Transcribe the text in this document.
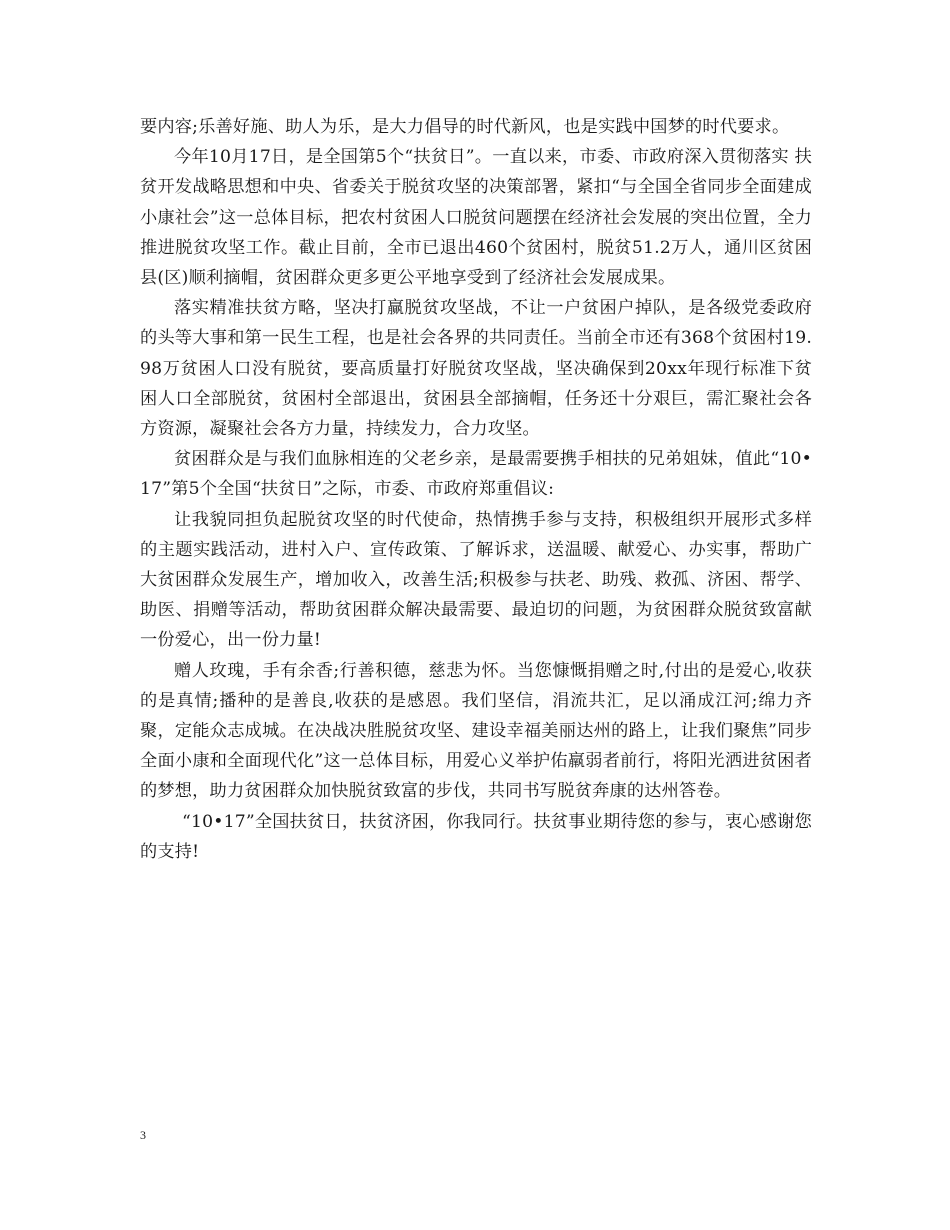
要内容;乐善好施、助人为乐，是大力倡导的时代新风，也是实践中国梦的时代要求。

今年10月17日，是全国第5个“扶贫日”。一直以来，市委、市政府深入贯彻落实 扶贫开发战略思想和中央、省委关于脱贫攻坚的决策部署，紧扣“与全国全省同步全面建成小康社会”这一总体目标，把农村贫困人口脱贫问题摆在经济社会发展的突出位置，全力推进脱贫攻坚工作。截止目前，全市已退出460个贫困村，脱贫51.2万人，通川区贫困县(区)顺利摘帽，贫困群众更多更公平地享受到了经济社会发展成果。

落实精准扶贫方略，坚决打赢脱贫攻坚战，不让一户贫困户掉队，是各级党委政府的头等大事和第一民生工程，也是社会各界的共同责任。当前全市还有368个贫困村19.98万贫困人口没有脱贫，要高质量打好脱贫攻坚战，坚决确保到20xx年现行标准下贫困人口全部脱贫，贫困村全部退出，贫困县全部摘帽，任务还十分艰巨，需汇聚社会各方资源，凝聚社会各方力量，持续发力，合力攻坚。

贫困群众是与我们血脉相连的父老乡亲，是最需要携手相扶的兄弟姐妹，值此“10•17”第5个全国“扶贫日”之际，市委、市政府郑重倡议:

让我貌同担负起脱贫攻坚的时代使命，热情携手参与支持，积极组织开展形式多样的主题实践活动，进村入户、宣传政策、了解诉求，送温暖、献爱心、办实事，帮助广大贫困群众发展生产，增加收入，改善生活;积极参与扶老、助残、救孤、济困、帮学、助医、捐赠等活动，帮助贫困群众解决最需要、最迫切的问题，为贫困群众脱贫致富献一份爱心，出一份力量!

赠人玫瑰，手有余香;行善积德，慈悲为怀。当您慷慨捐赠之时,付出的是爱心,收获的是真情;播种的是善良,收获的是感恩。我们坚信，涓流共汇，足以涌成江河;绵力齐聚，定能众志成城。在决战决胜脱贫攻坚、建设幸福美丽达州的路上，让我们聚焦”同步全面小康和全面现代化”这一总体目标，用爱心义举护佑羸弱者前行，将阳光洒进贫困者的梦想，助力贫困群众加快脱贫致富的步伐，共同书写脱贫奔康的达州答卷。

“10•17”全国扶贫日，扶贫济困，你我同行。扶贫事业期待您的参与，衷心感谢您的支持!

3
